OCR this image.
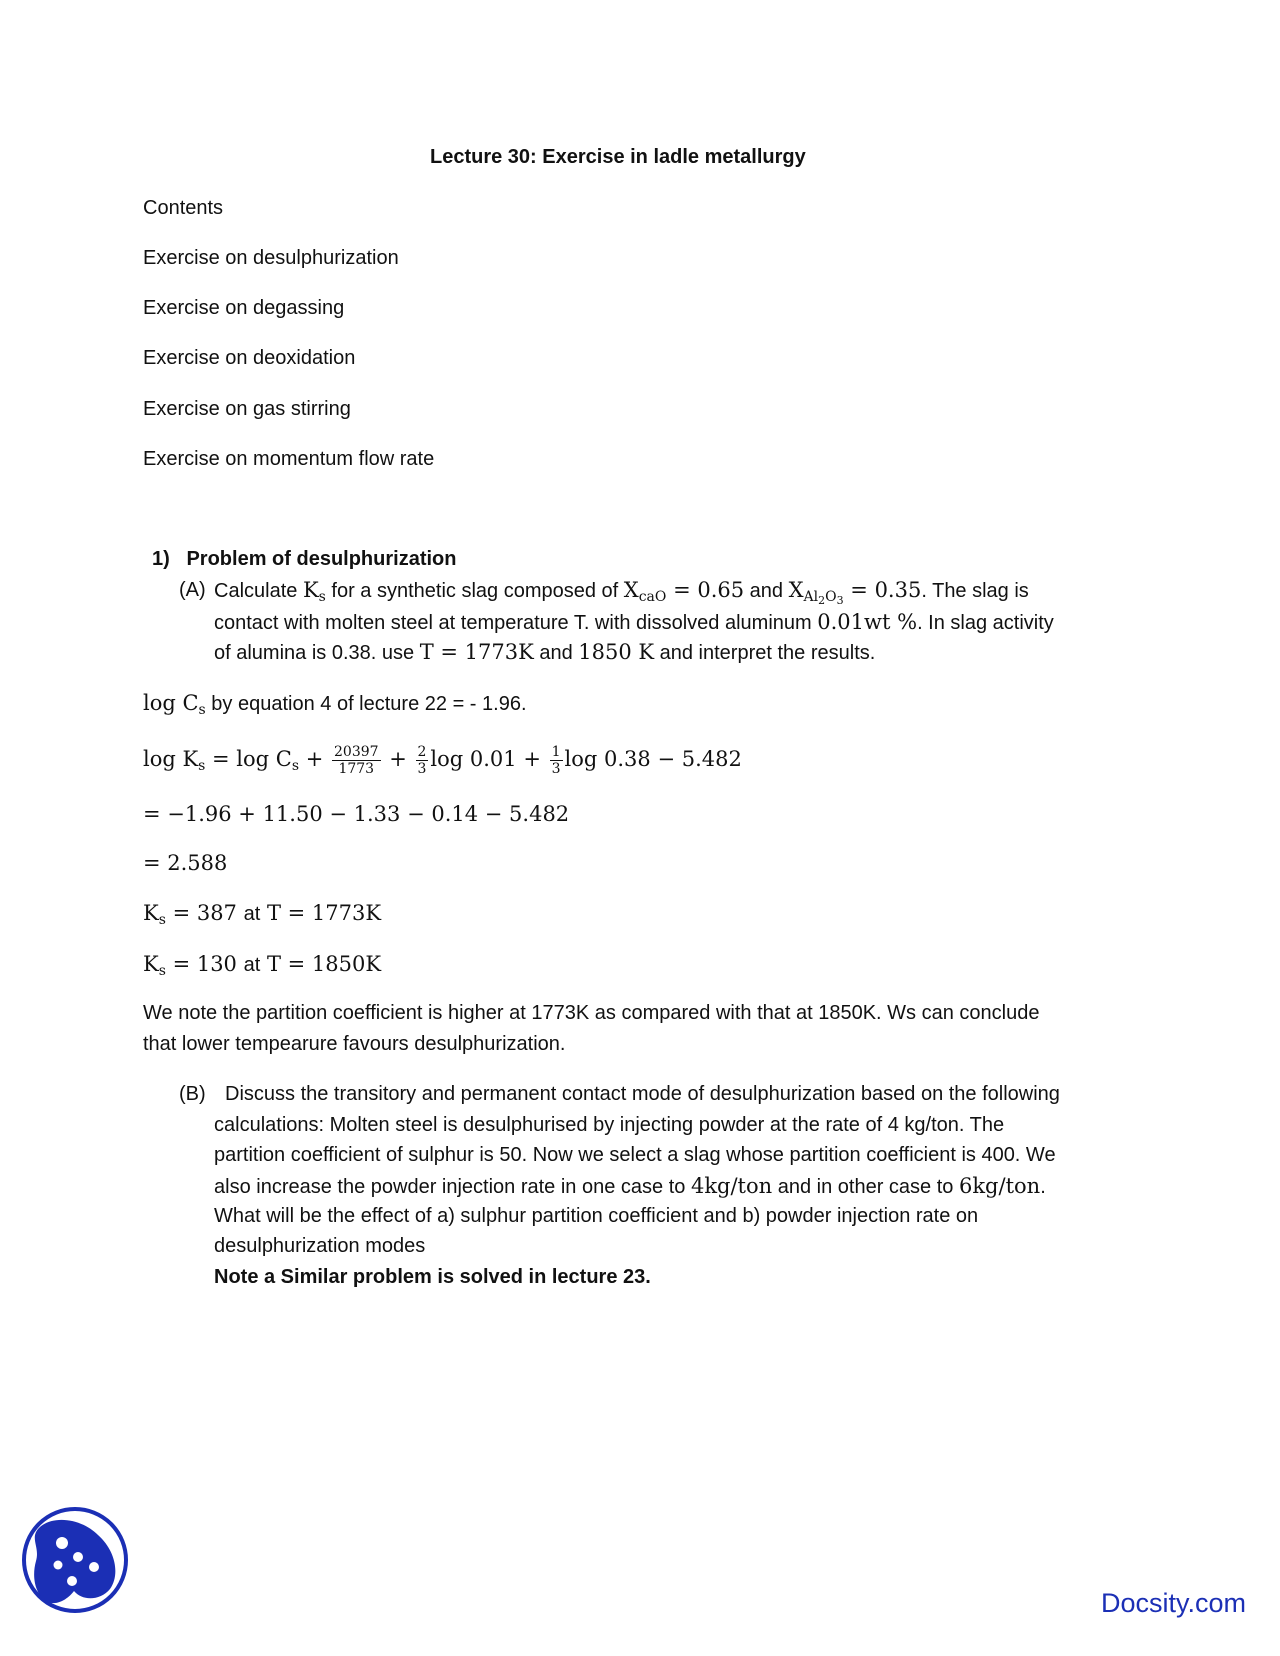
Lecture 30: Exercise in ladle metallurgy
Contents
Exercise on desulphurization
Exercise on degassing
Exercise on deoxidation
Exercise on gas stirring
Exercise on momentum flow rate
1) Problem of desulphurization
(A) Calculate $K_s$ for a synthetic slag composed of $X_{caO} = 0.65$ and $X_{Al_2O_3} = 0.35$. The slag is
contact with molten steel at temperature T. with dissolved aluminum 0.01wt %. In slag activity
of alumina is 0.38. use T = 1773K and 1850 K and interpret the results.
$\log C_s$ by equation 4 of lecture 22 = - 1.96.
$\log K_s = \log C_s + \frac{20397}{1773} + \frac{2}{3}$ $\log 0.01 + \frac{1}{3}$ log 0.38 − 5.482
= −1.96 + 11.50 − 1.33 − 0.14 − 5.482
= 2.588
$K_s = 387$ at T = 1773K
$K_s = 130$ at T = 1850K
We note the partition coefficient is higher at 1773K as compared with that at 1850K. Ws can conclude
that lower tempearure favours desulphurization.
(B) Discuss the transitory and permanent contact mode of desulphurization based on the following
calculations: Molten steel is desulphurised by injecting powder at the rate of 4 kg/ton. The
partition coefficient of sulphur is 50. Now we select a slag whose partition coefficient is 400. We
also increase the powder injection rate in one case to 4kg/ton and in other case to 6kg/ton.
What will be the effect of a) sulphur partition coefficient and b) powder injection rate on
desulphurization modes
Note a Similar problem is solved in lecture 23.
Docsity.com
